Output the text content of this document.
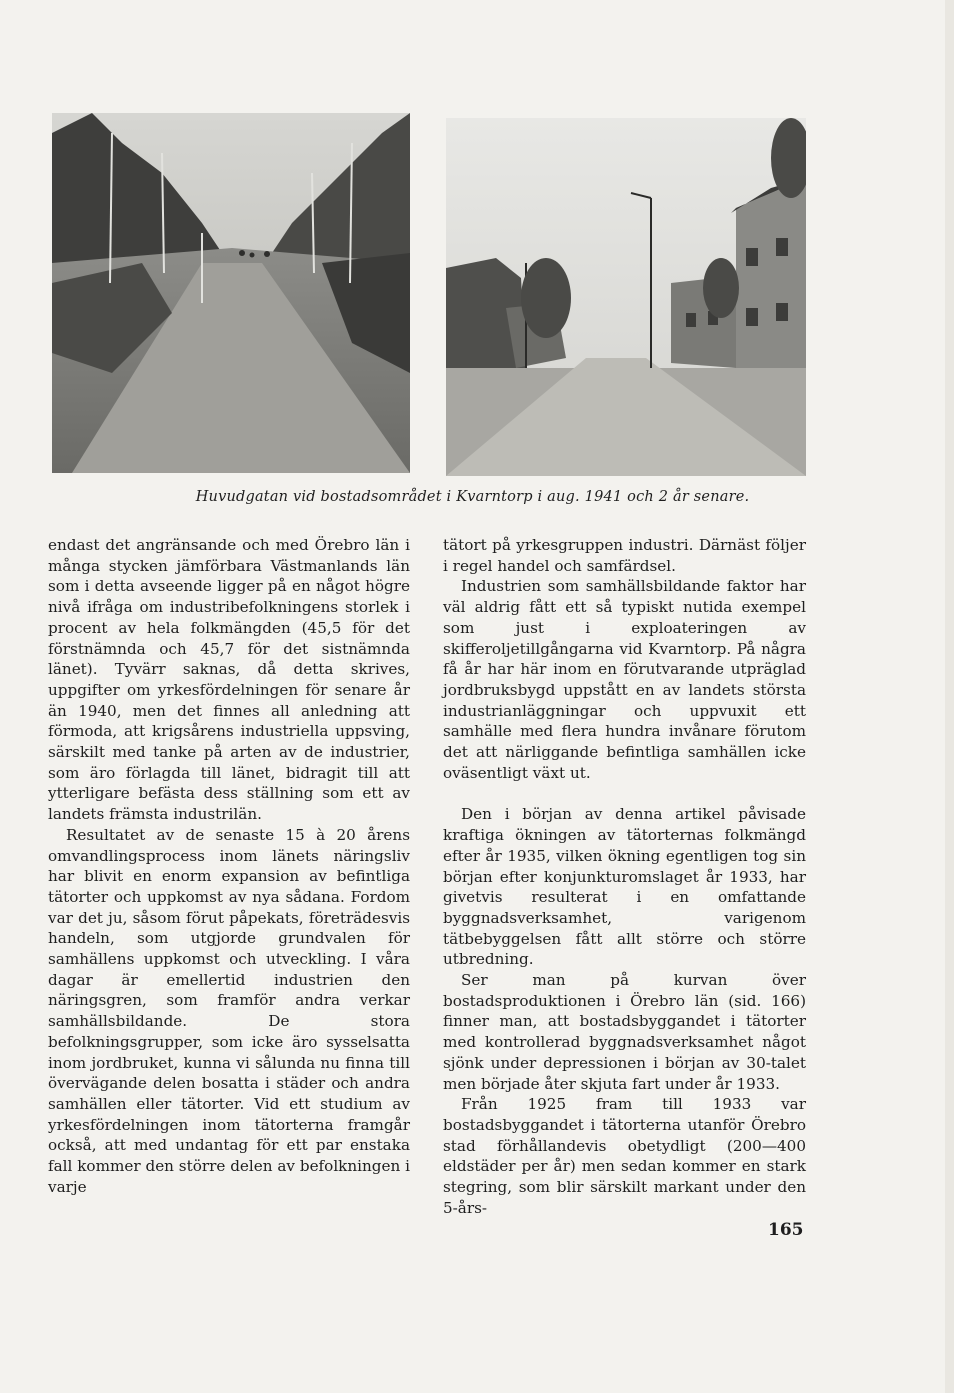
Huvudgatan vid bostadsområdet i Kvarntorp i aug. 1941 och 2 år senare.

endast det angränsande och med Örebro län i många stycken jämförbara Västmanlands län som i detta avseende ligger på en något högre nivå ifråga om industribefolkningens storlek i procent av hela folkmängden (45,5 för det förstnämnda och 45,7 för det sistnämnda länet). Tyvärr saknas, då detta skrives, uppgifter om yrkesfördelningen för senare år än 1940, men det finnes all anledning att förmoda, att krigsårens industriella uppsving, särskilt med tanke på arten av de industrier, som äro förlagda till länet, bidragit till att ytterligare befästa dess ställning som ett av landets främsta industrilän.

Resultatet av de senaste 15 à 20 årens omvandlingsprocess inom länets näringsliv har blivit en enorm expansion av befintliga tätorter och uppkomst av nya sådana. Fordom var det ju, såsom förut påpekats, företrädesvis handeln, som utgjorde grundvalen för samhällens uppkomst och utveckling. I våra dagar är emellertid industrien den näringsgren, som framför andra verkar samhällsbildande. De stora befolkningsgrupper, som icke äro sysselsatta inom jordbruket, kunna vi sålunda nu finna till övervägande delen bosatta i städer och andra samhällen eller tätorter. Vid ett studium av yrkesfördelningen inom tätorterna framgår också, att med undantag för ett par enstaka fall kommer den större delen av befolkningen i varje

tätort på yrkesgruppen industri. Därnäst följer i regel handel och samfärdsel.

Industrien som samhällsbildande faktor har väl aldrig fått ett så typiskt nutida exempel som just i exploateringen av skifferoljetillgångarna vid Kvarntorp. På några få år har här inom en förutvarande utpräglad jordbruksbygd uppstått en av landets största industrianläggningar och uppvuxit ett samhälle med flera hundra invånare förutom det att närliggande befintliga samhällen icke oväsentligt växt ut.

Den i början av denna artikel påvisade kraftiga ökningen av tätorternas folkmängd efter år 1935, vilken ökning egentligen tog sin början efter konjunkturomslaget år 1933, har givetvis resulterat i en omfattande byggnadsverksamhet, varigenom tätbebyggelsen fått allt större och större utbredning.

Ser man på kurvan över bostadsproduktionen i Örebro län (sid. 166) finner man, att bostadsbyggandet i tätorter med kontrollerad byggnadsverksamhet något sjönk under depressionen i början av 30-talet men började åter skjuta fart under år 1933.

Från 1925 fram till 1933 var bostadsbyggandet i tätorterna utanför Örebro stad förhållandevis obetydligt (200—400 eldstäder per år) men sedan kommer en stark stegring, som blir särskilt markant under den 5-års-

165
